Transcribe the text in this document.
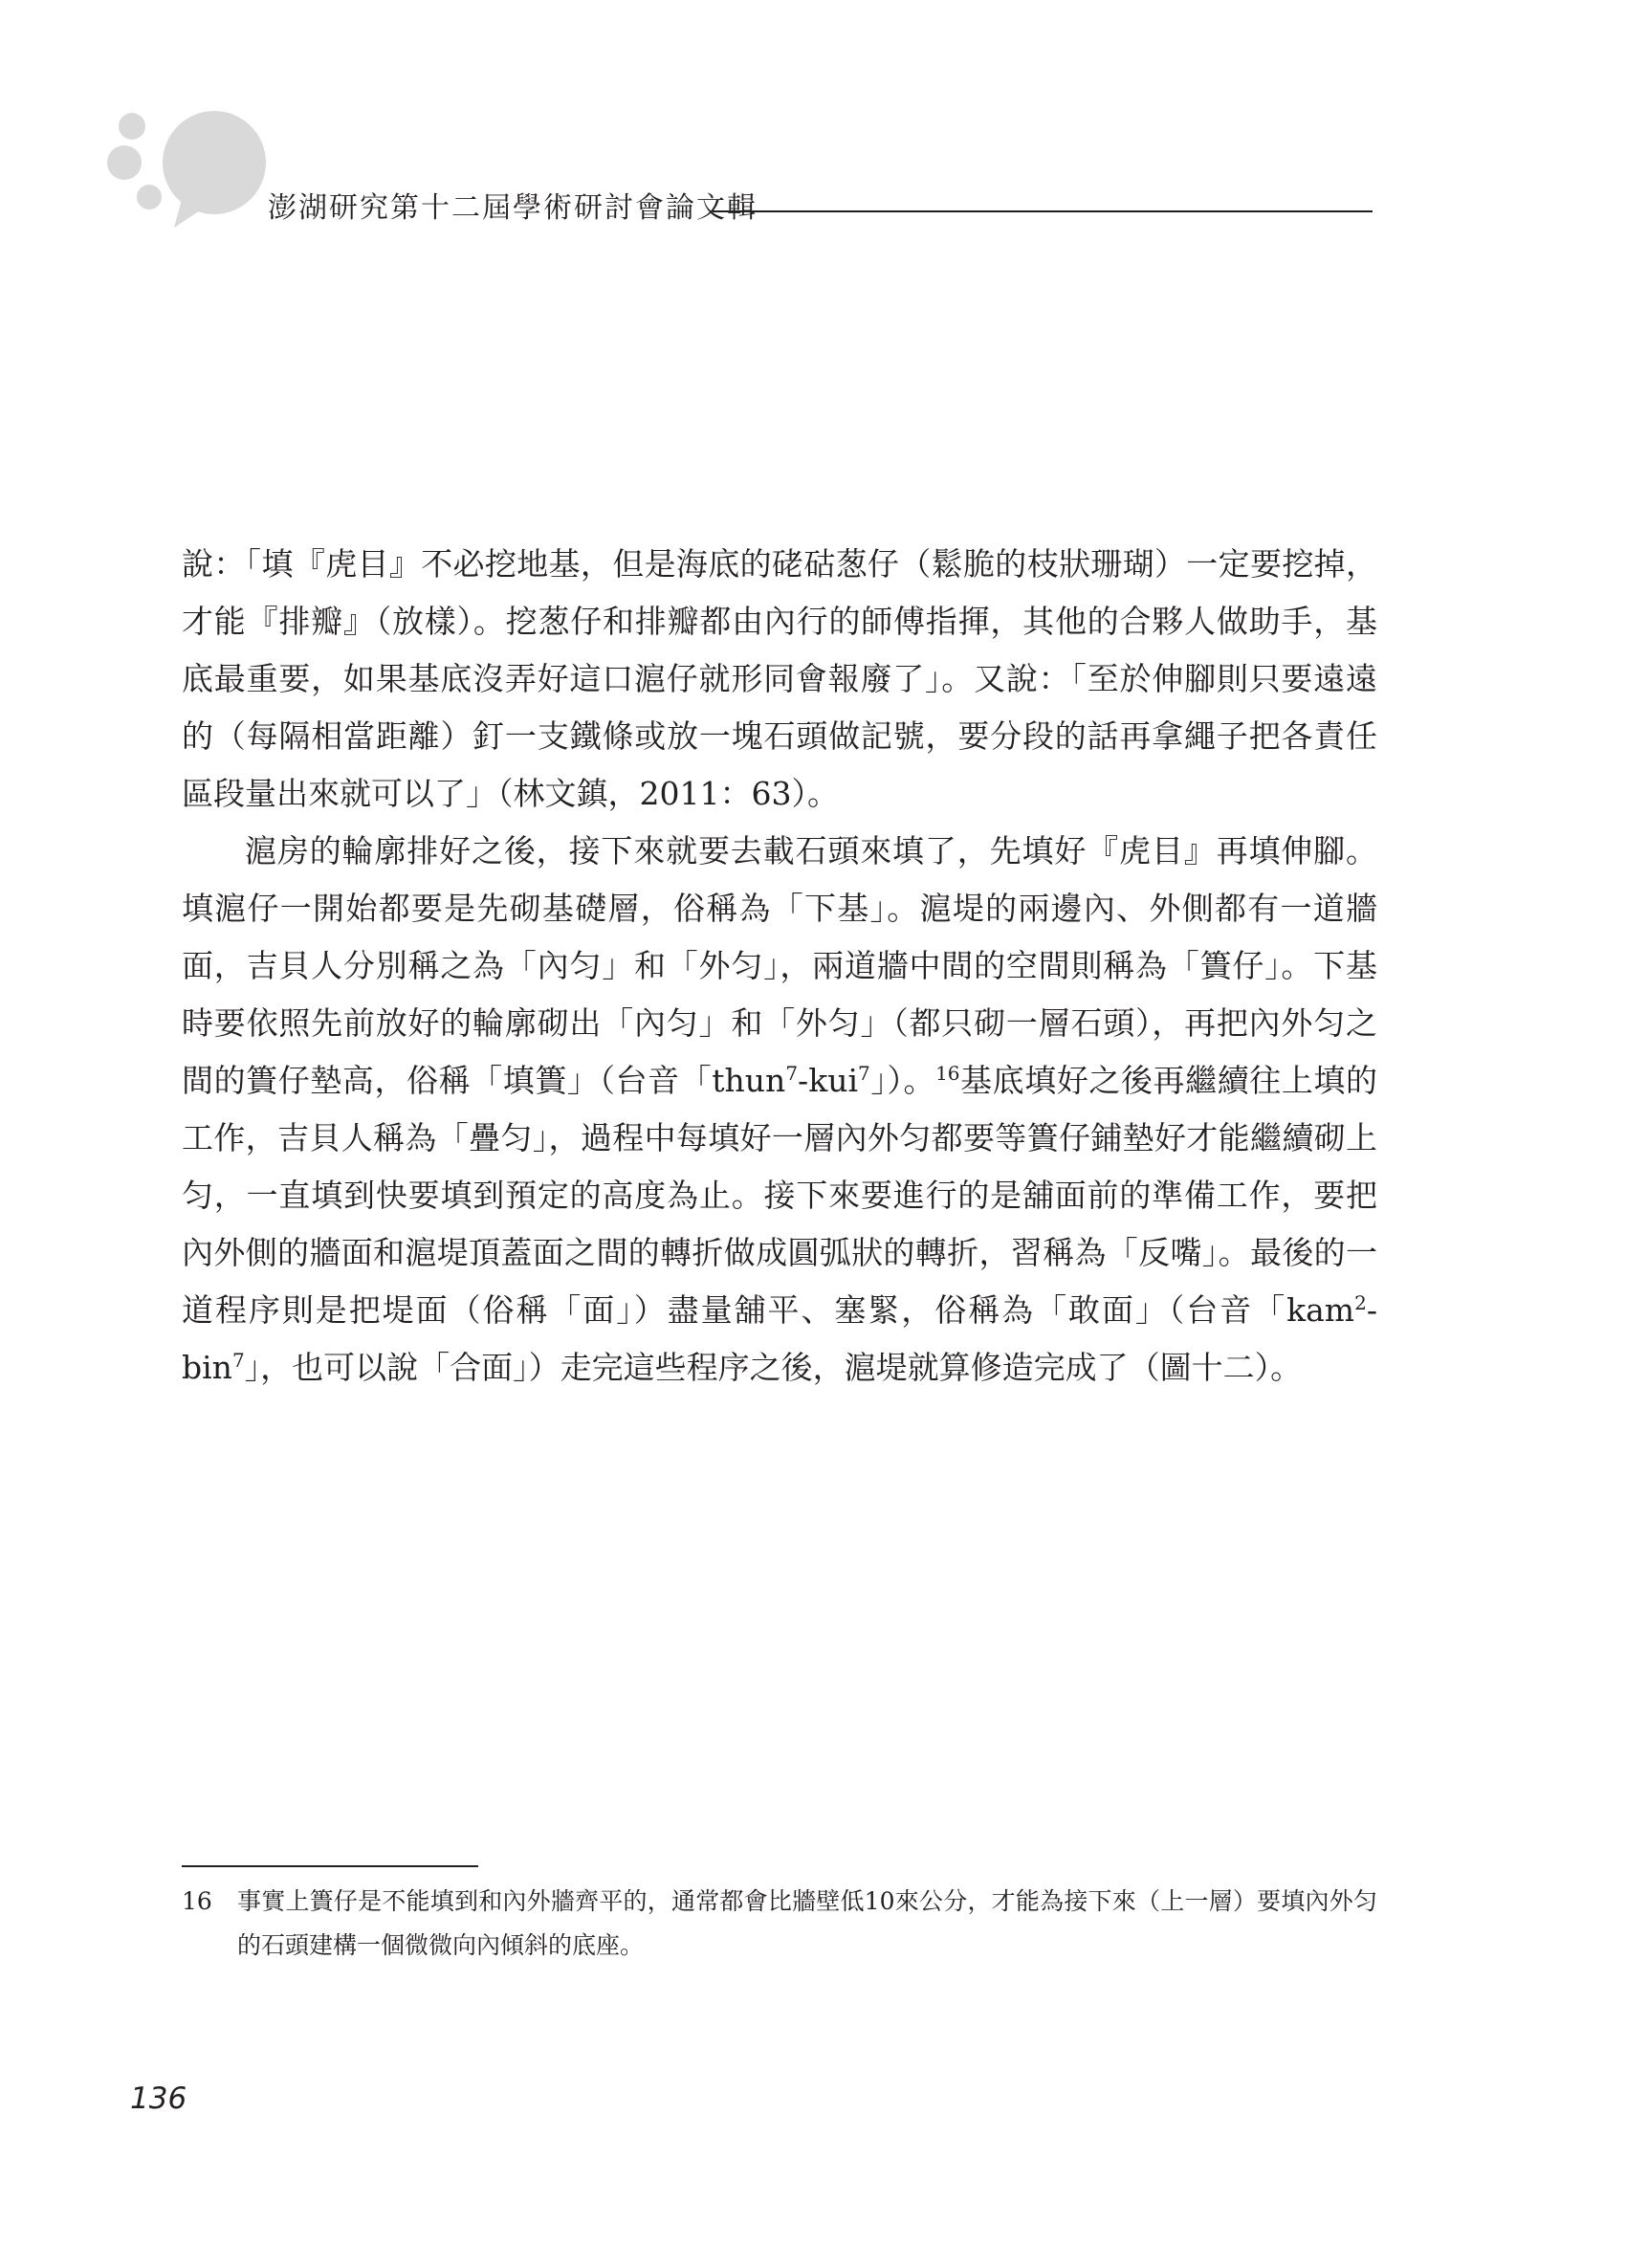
澎湖研究第十二屆學術研討會論文輯

說：「填『虎目』不必挖地基，但是海底的硓𥑮葱仔（鬆脆的枝狀珊瑚）一定要挖掉，才能『排瓣』（放樣）。挖葱仔和排瓣都由內行的師傅指揮，其他的合夥人做助手，基底最重要，如果基底沒弄好這口滬仔就形同會報廢了」。又說：「至於伸腳則只要遠遠的（每隔相當距離）釘一支鐵條或放一塊石頭做記號，要分段的話再拿繩子把各責任區段量出來就可以了」（林文鎮，2011：63）。

滬房的輪廓排好之後，接下來就要去載石頭來填了，先填好『虎目』再填伸腳。填滬仔一開始都要是先砌基礎層，俗稱為「下基」。滬堤的兩邊內、外側都有一道牆面，吉貝人分別稱之為「內匀」和「外匀」，兩道牆中間的空間則稱為「簣仔」。下基時要依照先前放好的輪廓砌出「內匀」和「外匀」（都只砌一層石頭），再把內外匀之間的簣仔墊高，俗稱「填簣」（台音「thun$^7$-kui$^7$」）。$^{16}$基底填好之後再繼續往上填的工作，吉貝人稱為「疊匀」，過程中每填好一層內外匀都要等簣仔鋪墊好才能繼續砌上匀，一直填到快要填到預定的高度為止。接下來要進行的是舖面前的準備工作，要把內外側的牆面和滬堤頂蓋面之間的轉折做成圓弧狀的轉折，習稱為「反嘴」。最後的一道程序則是把堤面（俗稱「面」）盡量舖平、塞緊，俗稱為「敢面」（台音「kam$^2$-bin$^7$」，也可以說「合面」）走完這些程序之後，滬堤就算修造完成了（圖十二）。

16 事實上簣仔是不能填到和內外牆齊平的，通常都會比牆壁低10來公分，才能為接下來（上一層）要填內外匀的石頭建構一個微微向內傾斜的底座。
136
